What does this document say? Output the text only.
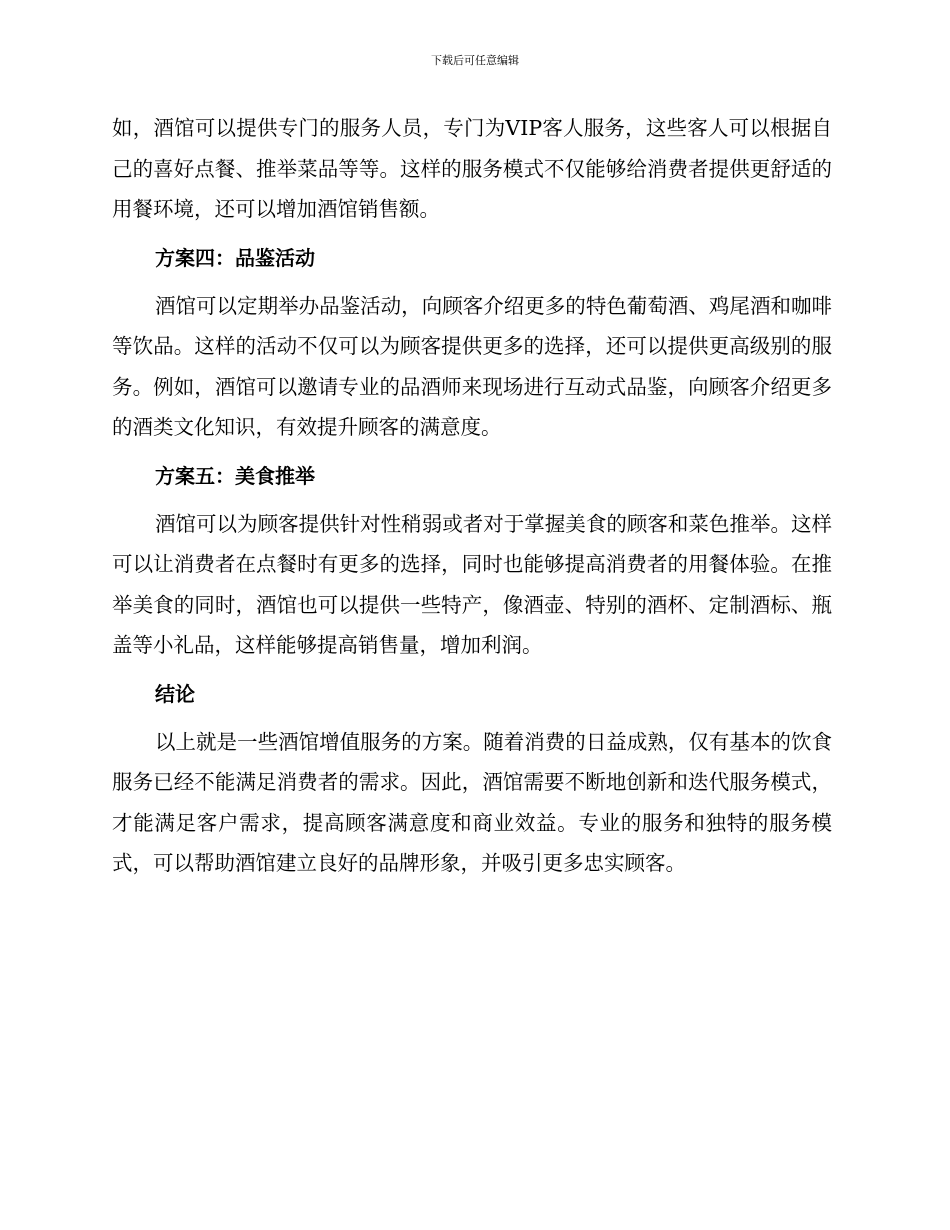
下载后可任意编辑

如，酒馆可以提供专门的服务人员，专门为VIP客人服务，这些客人可以根据自己的喜好点餐、推举菜品等等。这样的服务模式不仅能够给消费者提供更舒适的用餐环境，还可以增加酒馆销售额。

方案四：品鉴活动

酒馆可以定期举办品鉴活动，向顾客介绍更多的特色葡萄酒、鸡尾酒和咖啡等饮品。这样的活动不仅可以为顾客提供更多的选择，还可以提供更高级别的服务。例如，酒馆可以邀请专业的品酒师来现场进行互动式品鉴，向顾客介绍更多的酒类文化知识，有效提升顾客的满意度。

方案五：美食推举

酒馆可以为顾客提供针对性稍弱或者对于掌握美食的顾客和菜色推举。这样可以让消费者在点餐时有更多的选择，同时也能够提高消费者的用餐体验。在推举美食的同时，酒馆也可以提供一些特产，像酒壶、特别的酒杯、定制酒标、瓶盖等小礼品，这样能够提高销售量，增加利润。

结论

以上就是一些酒馆增值服务的方案。随着消费的日益成熟，仅有基本的饮食服务已经不能满足消费者的需求。因此，酒馆需要不断地创新和迭代服务模式，才能满足客户需求，提高顾客满意度和商业效益。专业的服务和独特的服务模式，可以帮助酒馆建立良好的品牌形象，并吸引更多忠实顾客。
